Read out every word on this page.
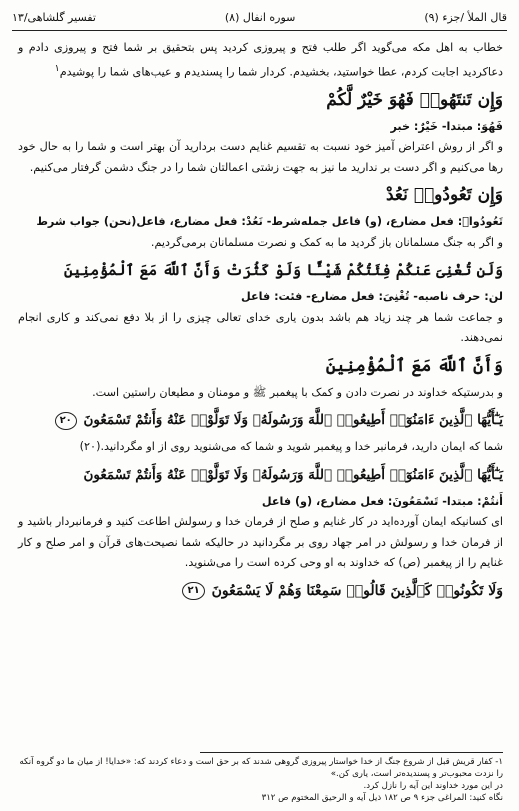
قال الملأ /جزء (٩)
سوره انفال (٨)
تفسیر گلشاهی/١٣

خطاب به اهل مکه می‌گوید اگر طلب فتح و پیروزی کردید پس بتحقیق بر شما فتح و پیروزی دادم و دعاکردید اجابت کردم، عطا خواستید، بخشیدم. کردار شما را پسندیدم و عیب‌های شما را پوشیدم$^١$

وَإِن تَنتَهُوا۟ فَهُوَ خَيْرٌ لَّكُمْ

فَهُوَ: مبتدا- خَيْرٌ: خبر

و اگر از روش اعتراض آمیز خود نسبت به تقسیم غنایم دست بردارید آن بهتر است و شما را به حال خود رها می‌کنیم و اگر دست بر نداريد ما نيز به جهت زشتی اعمالتان شما را در جنگ دشمن گرفتار می‌کنیم.

وَإِن تَعُودُوا۟ نَعُدْ

تَعُودُوا۟: فعل مضارع، (و) فاعل جمله‌شرط- نَعُدْ: فعل مضارع، فاعل(نحن) جواب شرط

و اگر به جنگ مسلمانان باز گردید ما به کمک و نصرت مسلمانان برمی‌گردیم.

وَلَن تُغْنِىَ عَنكُمْ فِئَتُكُمْ شَيْـًٔا وَلَوْ كَثُرَتْ وَأَنَّ ٱللَّهَ مَعَ ٱلْمُؤْمِنِينَ

لن: حرف ناصبه- تُغْنِىَ: فعل مضارع- فئت: فاعل

و جماعت شما هر چند زیاد هم باشد بدون یاری خدای تعالی چیزی را از بلا دفع نمی‌کند و کاری انجام نمی‌دهند.

وَأَنَّ ٱللَّهَ مَعَ ٱلْمُؤْمِنِينَ

و بدرستیکه خداوند در نصرت دادن و کمک با پیغمبر ﷺ و مومنان و مطیعان راستین است.

يَـٰٓأَيُّهَا ٱلَّذِينَ ءَامَنُوٓا۟ أَطِيعُوا۟ ٱللَّهَ وَرَسُولَهُۥ وَلَا تَوَلَّوْا۟ عَنْهُ وَأَنتُمْ تَسْمَعُونَ ٢٠

شما که ایمان دارید، فرمانبر خدا و پیغمبر شوید و شما که می‌شنوید روی از او مگردانید.(٢٠)

يَـٰٓأَيُّهَا ٱلَّذِينَ ءَامَنُوٓا۟ أَطِيعُوا۟ ٱللَّهَ وَرَسُولَهُۥ وَلَا تَوَلَّوْا۟ عَنْهُ وَأَنتُمْ تَسْمَعُونَ

أَنتُمْ: مبتدا- تَسْمَعُونَ: فعل مضارع، (و) فاعل

ای کسانیکه ایمان آورده‌اید در کار غنایم و صلح از فرمان خدا و رسولش اطاعت کنید و فرمانبردار باشید و از فرمان خدا و رسولش در امر جهاد روی بر مگردانید در حالیکه شما نصیحت‌های قرآن و امر صلح و کار غنایم را از پیغمبر (ص) که خداوند به او وحی کرده است را می‌شنوید.

وَلَا تَكُونُوا۟ كَٱلَّذِينَ قَالُوا۟ سَمِعْنَا وَهُمْ لَا يَسْمَعُونَ ٢١

١- کفار قریش قبل از شروع جنگ از خدا خواستار پیروزی گروهی شدند که بر حق است و دعاء کردند که: «خدایا! از میان ما دو گروه آنکه را نزدت محبوب‌تر و پسندیده‌تر است، یاری کن.»

در این مورد خداوند این آیه را نازل کرد.

نگاه کنید: المراغی جزء ٩ ص ١٨٢ ذیل آیه و الرحیق المختوم ص ٣١٢
